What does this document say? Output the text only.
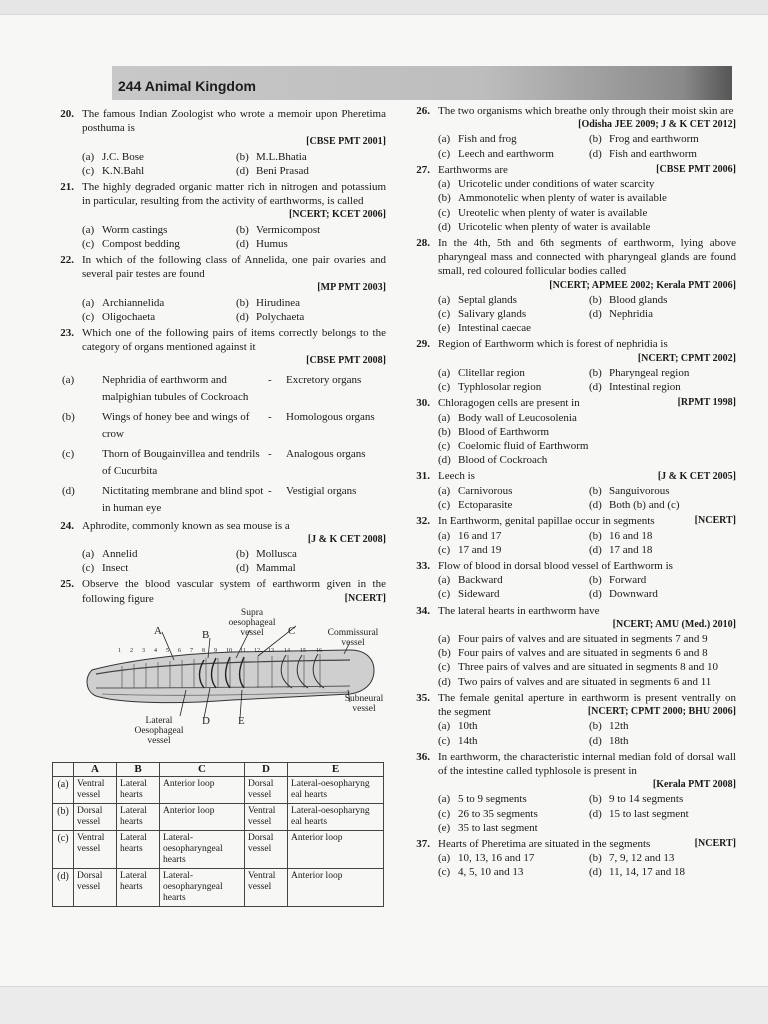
244 Animal Kingdom
20. The famous Indian Zoologist who wrote a memoir upon Pheretima posthuma is
[CBSE PMT 2001]
(a) J.C. Bose	(b) M.L.Bhatia
(c) K.N.Bahl	(d) Beni Prasad
21. The highly degraded organic matter rich in nitrogen and potassium in particular, resulting from the activity of earthworms, is called
[NCERT; KCET 2006]
(a) Worm castings	(b) Vermicompost
(c) Compost bedding	(d) Humus
22. In which of the following class of Annelida, one pair ovaries and several pair testes are found
[MP PMT 2003]
(a) Archiannelida	(b) Hirudinea
(c) Oligochaeta	(d) Polychaeta
23. Which one of the following pairs of items correctly belongs to the category of organs mentioned against it
[CBSE PMT 2008]
(a)	Nephridia of earthworm and malpighian tubules of Cockroach
-	Excretory organs
(b) Wings of honey bee and wings of crow
-	Homologous organs
(c)	Thorn of Bougainvillea and tendrils of Cucurbita
-	Analogous organs
(d) Nictitating membrane and blind spot in human eye
-	Vestigial organs
24. Aphrodite, commonly known as sea mouse is a
[J & K CET 2008]
(a) Annelid	(b) Mollusca
(c) Insect	(d) Mammal
25. Observe the blood vascular system of earthworm given in the following figure	[NCERT]
Supra oesophageal vessel
A	B	C	Commissural vessel
Subneural vessel
D	E
Lateral Oesophageal vessel
1 2 3 4 5 6 7 8 9 10 11 12 13 14 15 16
	A	B	C	D	E
(a)	Ventral vessel	Lateral hearts	Anterior loop	Dorsal vessel	Lateral-oesopharyng eal hearts
(b)	Dorsal vessel	Lateral hearts	Anterior loop	Ventral vessel	Lateral-oesopharyng eal hearts
(c)	Ventral vessel	Lateral hearts	Lateral-oesopharyngeal hearts	Dorsal vessel	Anterior loop
(d)	Dorsal vessel	Lateral hearts	Lateral-oesopharyngeal hearts	Ventral vessel	Anterior loop
26. The two organisms which breathe only through their moist skin are
[Odisha JEE 2009; J & K CET 2012]
(a) Fish and frog	(b) Frog and earthworm
(c) Leech and earthworm	(d) Fish and earthworm
27. Earthworms are	[CBSE PMT 2006]
(a) Uricotelic under conditions of water scarcity
(b) Ammonotelic when plenty of water is available
(c) Ureotelic when plenty of water is available
(d) Uricotelic when plenty of water is available
28. In the 4th, 5th and 6th segments of earthworm, lying above pharyngeal mass and connected with pharyngeal glands are found small, red coloured follicular bodies called
[NCERT; APMEE 2002; Kerala PMT 2006]
(a) Septal glands	(b) Blood glands
(c) Salivary glands	(d) Nephridia
(e) Intestinal caecae
29. Region of Earthworm which is forest of nephridia is
[NCERT; CPMT 2002]
(a) Clitellar region	(b) Pharyngeal region
(c) Typhlosolar region	(d) Intestinal region
30. Chloragogen cells are present in	[RPMT 1998]
(a) Body wall of Leucosolenia
(b) Blood of Earthworm
(c) Coelomic fluid of Earthworm
(d) Blood of Cockroach
31. Leech is	[J & K CET 2005]
(a) Carnivorous	(b) Sanguivorous
(c) Ectoparasite	(d) Both (b) and (c)
32. In Earthworm, genital papillae occur in segments	[NCERT]
(a) 16 and 17	(b) 16 and 18
(c) 17 and 19	(d) 17 and 18
33. Flow of blood in dorsal blood vessel of Earthworm is
(a) Backward	(b) Forward
(c) Sideward	(d) Downward
34. The lateral hearts in earthworm have
[NCERT; AMU (Med.) 2010]
(a) Four pairs of valves and are situated in segments 7 and 9
(b) Four pairs of valves and are situated in segments 6 and 8
(c) Three pairs of valves and are situated in segments 8 and 10
(d) Two pairs of valves and are situated in segments 6 and 11
35. The female genital aperture in earthworm is present ventrally on the segment	[NCERT; CPMT 2000; BHU 2006]
(a) 10th	(b) 12th
(c) 14th	(d) 18th
36. In earthworm, the characteristic internal median fold of dorsal wall of the intestine called typhlosole is present in
[Kerala PMT 2008]
(a) 5 to 9 segments	(b) 9 to 14 segments
(c) 26 to 35 segments	(d) 15 to last segment
(e) 35 to last segment
37. Hearts of Pheretima are situated in the segments	[NCERT]
(a) 10, 13, 16 and 17	(b) 7, 9, 12 and 13
(c) 4, 5, 10 and 13	(d) 11, 14, 17 and 18
